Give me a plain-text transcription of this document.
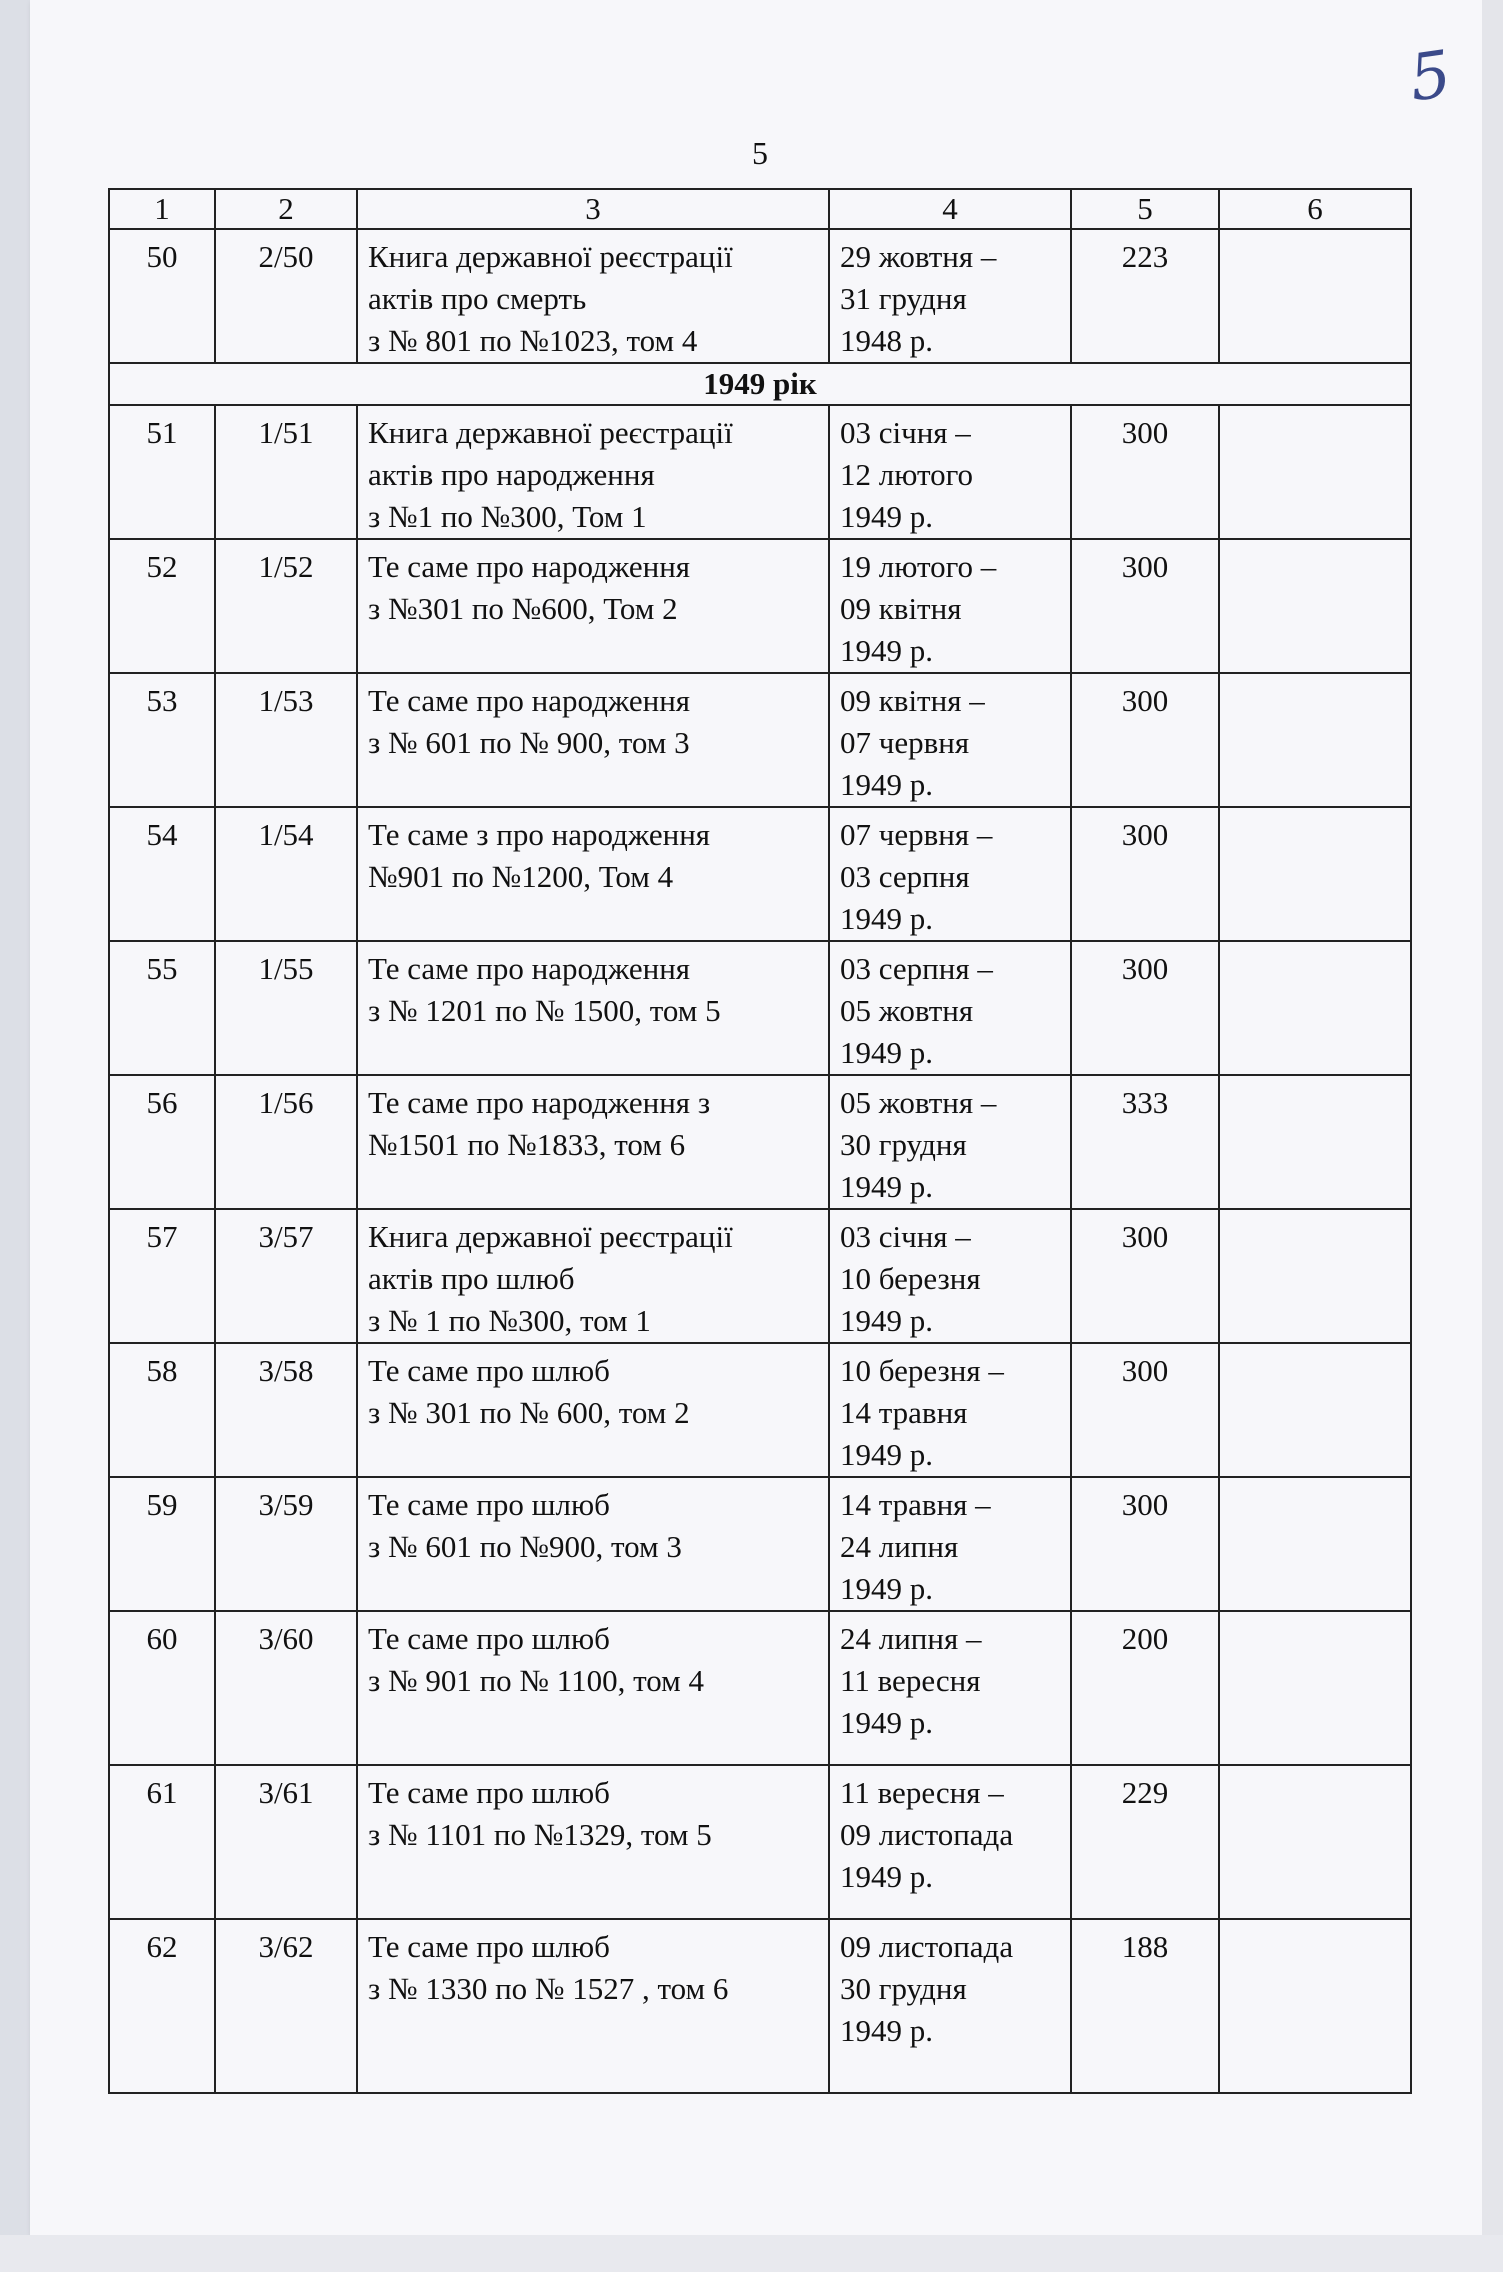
5
5
1	2	3	4	5	6
50	2/50	Книга державної реєстрації
актів про смерть
з № 801 по №1023, том 4	29 жовтня –
31 грудня
1948 р.	223	
1949 рік					
51	1/51	Книга державної реєстрації
актів про народження
з №1 по №300, Том 1	03 січня –
12 лютого
1949 р.	300	
52	1/52	Те саме про народження
з №301 по №600, Том 2	19 лютого –
09 квітня
1949 р.	300	
53	1/53	Те саме про народження
з № 601 по № 900, том 3	09 квітня –
07 червня
1949 р.	300	
54	1/54	Те саме з про народження
№901 по №1200, Том 4	07 червня –
03 серпня
1949 р.	300	
55	1/55	Те саме про народження
з № 1201 по № 1500, том 5	03 серпня –
05 жовтня
1949 р.	300	
56	1/56	Те саме про народження з
№1501 по №1833, том 6	05 жовтня –
30 грудня
1949 р.	333	
57	3/57	Книга державної реєстрації
актів про шлюб
з № 1 по №300, том 1	03 січня –
10 березня
1949 р.	300	
58	3/58	Те саме про шлюб
з № 301 по № 600, том 2	10 березня –
14 травня
1949 р.	300	
59	3/59	Те саме про шлюб
з № 601 по №900, том 3	14 травня –
24 липня
1949 р.	300	
60	3/60	Те саме про шлюб
з № 901 по № 1100, том 4	24 липня –
11 вересня
1949 р.	200	
61	3/61	Те саме про шлюб
з № 1101 по №1329, том 5	11 вересня –
09 листопада
1949 р.	229	
62	3/62	Те саме про шлюб
з № 1330 по № 1527 , том 6	09 листопада
30 грудня
1949 р.	188	
